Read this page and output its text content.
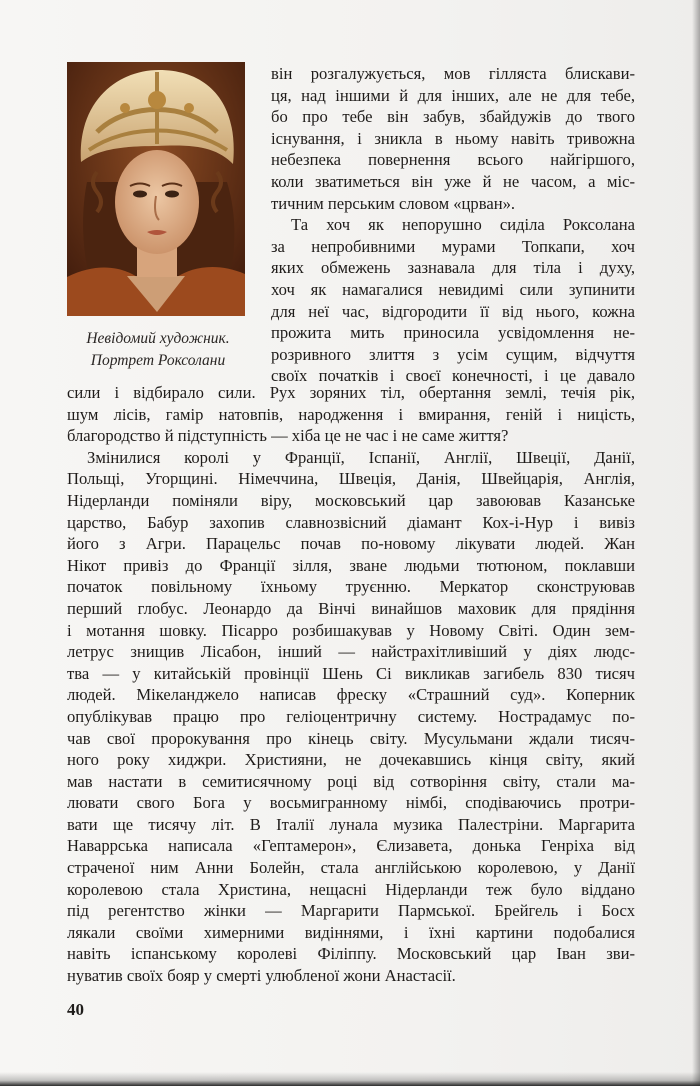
Невідомий художник.
Портрет Роксолани
він розгалужується, мов гілляста блискави-
ця, над іншими й для інших, але не для тебе,
бо про тебе він забув, збайдужів до твого
існування, і зникла в ньому навіть тривожна
небезпека повернення всього найгіршого,
коли зватиметься він уже й не часом, а міс-
тичним перським словом «црван».
Та хоч як непорушно сиділа Роксолана
за непробивними мурами Топкапи, хоч
яких обмежень зазнавала для тіла і духу,
хоч як намагалися невидимі сили зупинити
для неї час, відгородити її від нього, кожна
прожита мить приносила усвідомлення не-
розривного злиття з усім сущим, відчуття
своїх початків і своєї конечності, і це давало
сили і відбирало сили. Рух зоряних тіл, обертання землі, течія рік,
шум лісів, гамір натовпів, народження і вмирання, геній і ницість,
благородство й підступність — хіба це не час і не саме життя?
Змінилися королі у Франції, Іспанії, Англії, Швеції, Данії,
Польщі, Угорщині. Німеччина, Швеція, Данія, Швейцарія, Англія,
Нідерланди поміняли віру, московський цар завоював Казанське
царство, Бабур захопив славнозвісний діамант Кох-і-Нур і вивіз
його з Агри. Парацельс почав по-новому лікувати людей. Жан
Нікот привіз до Франції зілля, зване людьми тютюном, поклавши
початок повільному їхньому труєнню. Меркатор сконструював
перший глобус. Леонардо да Вінчі винайшов маховик для прядіння
і мотання шовку. Пісарро розбишакував у Новому Світі. Один зем-
летрус знищив Лісабон, інший — найстрахітливіший у діях людс-
тва — у китайській провінції Шень Сі викликав загибель 830 тисяч
людей. Мікеланджело написав фреску «Страшний суд». Коперник
опублікував працю про геліоцентричну систему. Нострадамус по-
чав свої пророкування про кінець світу. Мусульмани ждали тисяч-
ного року хиджри. Християни, не дочекавшись кінця світу, який
мав настати в семитисячному році від сотворіння світу, стали ма-
лювати свого Бога у восьмигранному німбі, сподіваючись протри-
вати ще тисячу літ. В Італії лунала музика Палестріни. Маргарита
Наваррська написала «Гептамерон», Єлизавета, донька Генріха від
страченої ним Анни Болейн, стала англійською королевою, у Данії
королевою стала Христина, нещасні Нідерланди теж було віддано
під регентство жінки — Маргарити Пармської. Брейгель і Босх
лякали своїми химерними видіннями, і їхні картини подобалися
навіть іспанському королеві Філіппу. Московський цар Іван зви-
нуватив своїх бояр у смерті улюбленої жони Анастасії.
40
